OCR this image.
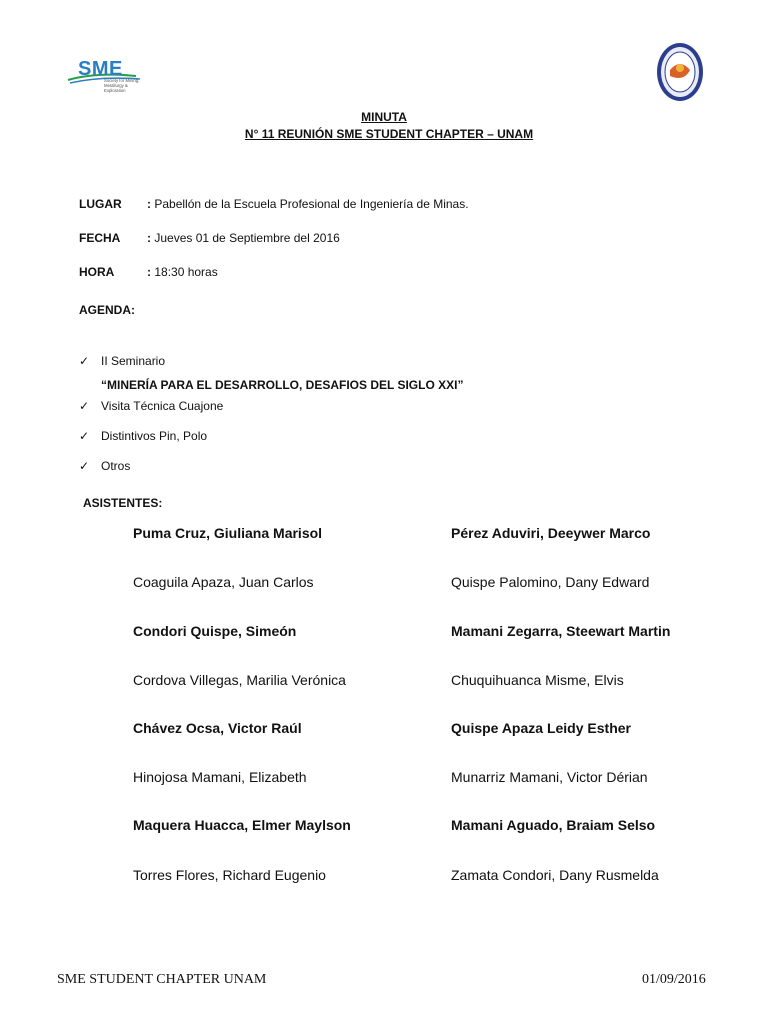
SME
Society for Mining, Metallurgy & Exploration
MINUTA
N° 11 REUNIÓN SME STUDENT CHAPTER – UNAM
LUGAR : Pabellón de la Escuela Profesional de Ingeniería de Minas.
FECHA : Jueves 01 de Septiembre del 2016
HORA	: 18:30 horas
AGENDA:
✓ II Seminario
“MINERÍA PARA EL DESARROLLO, DESAFIOS DEL SIGLO XXI”
✓ Visita Técnica Cuajone
✓ Distintivos Pin, Polo
✓ Otros
ASISTENTES:
Puma Cruz, Giuliana Marisol	Pérez Aduviri, Deeywer Marco
Coaguila Apaza, Juan Carlos	Quispe Palomino, Dany Edward
Condori Quispe, Simeón	Mamani Zegarra, Steewart Martin
Cordova Villegas, Marilia Verónica	Chuquihuanca Misme, Elvis
Chávez Ocsa, Victor Raúl	Quispe Apaza Leidy Esther
Hinojosa Mamani, Elizabeth	Munarriz Mamani, Victor Dérian
Maquera Huacca, Elmer Maylson	Mamani Aguado, Braiam Selso
Torres Flores, Richard Eugenio	Zamata Condori, Dany Rusmelda
SME STUDENT CHAPTER UNAM	01/09/2016
